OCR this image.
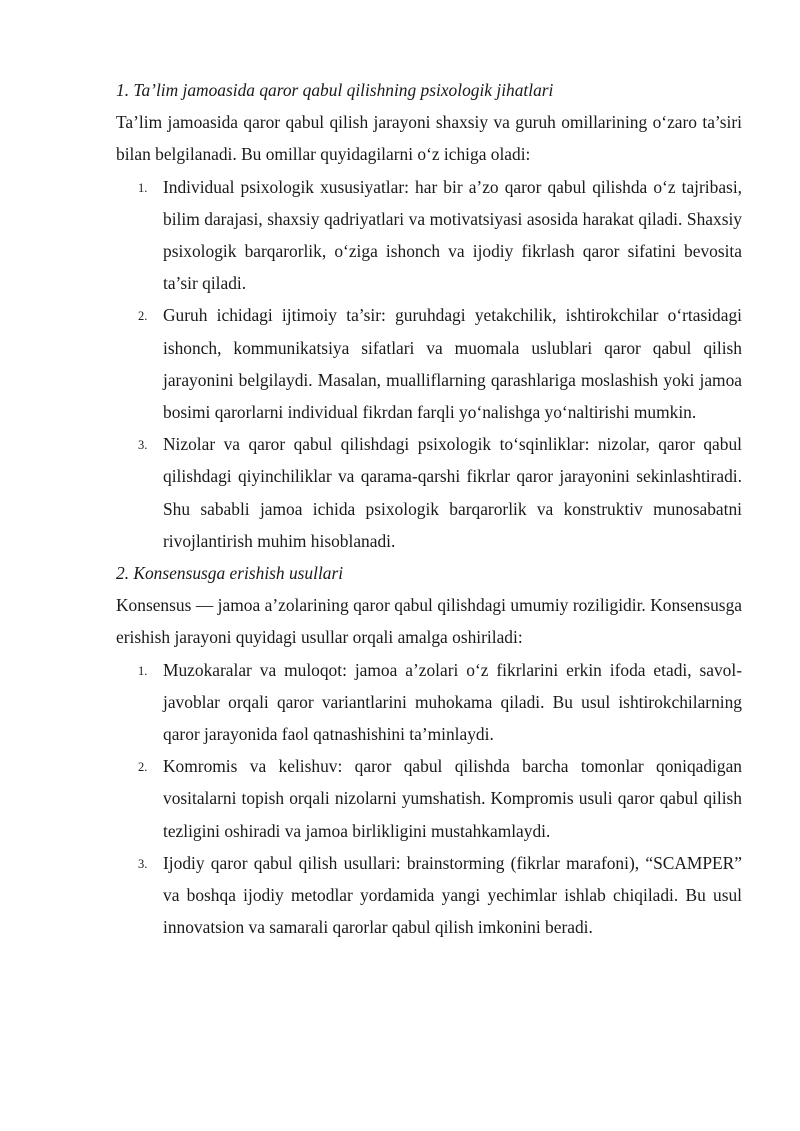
1. Ta’lim jamoasida qaror qabul qilishning psixologik jihatlari

Ta’lim jamoasida qaror qabul qilish jarayoni shaxsiy va guruh omillarining o‘zaro ta’siri bilan belgilanadi. Bu omillar quyidagilarni o‘z ichiga oladi:

1. Individual psixologik xususiyatlar: har bir a’zo qaror qabul qilishda o‘z tajribasi, bilim darajasi, shaxsiy qadriyatlari va motivatsiyasi asosida harakat qiladi. Shaxsiy psixologik barqarorlik, o‘ziga ishonch va ijodiy fikrlash qaror sifatini bevosita ta’sir qiladi.
2. Guruh ichidagi ijtimoiy ta’sir: guruhdagi yetakchilik, ishtirokchilar o‘rtasidagi ishonch, kommunikatsiya sifatlari va muomala uslublari qaror qabul qilish jarayonini belgilaydi. Masalan, mualliflarning qarashlariga moslashish yoki jamoa bosimi qarorlarni individual fikrdan farqli yo‘nalishga yo‘naltirishi mumkin.
3. Nizolar va qaror qabul qilishdagi psixologik to‘sqinliklar: nizolar, qaror qabul qilishdagi qiyinchiliklar va qarama-qarshi fikrlar qaror jarayonini sekinlashtiradi. Shu sababli jamoa ichida psixologik barqarorlik va konstruktiv munosabatni rivojlantirish muhim hisoblanadi.

2. Konsensusga erishish usullari

Konsensus — jamoa a’zolarining qaror qabul qilishdagi umumiy roziligidir. Konsensusga erishish jarayoni quyidagi usullar orqali amalga oshiriladi:

1. Muzokaralar va muloqot: jamoa a’zolari o‘z fikrlarini erkin ifoda etadi, savol-javoblar orqali qaror variantlarini muhokama qiladi. Bu usul ishtirokchilarning qaror jarayonida faol qatnashishini ta’minlaydi.
2. Komromis va kelishuv: qaror qabul qilishda barcha tomonlar qoniqadigan vositalarni topish orqali nizolarni yumshatish. Kompromis usuli qaror qabul qilish tezligini oshiradi va jamoa birlikligini mustahkamlaydi.
3. Ijodiy qaror qabul qilish usullari: brainstorming (fikrlar marafoni), “SCAMPER” va boshqa ijodiy metodlar yordamida yangi yechimlar ishlab chiqiladi. Bu usul innovatsion va samarali qarorlar qabul qilish imkonini beradi.
